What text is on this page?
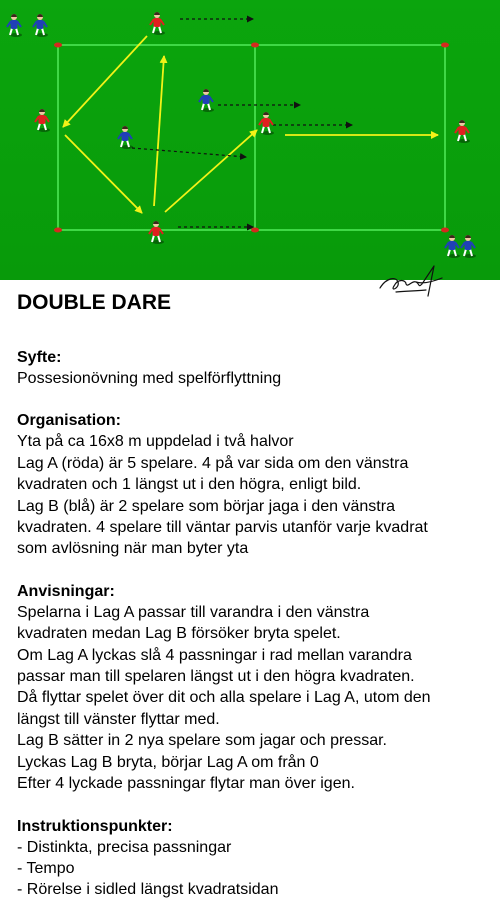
DOUBLE DARE
Syfte:
Possesionövning med spelförflyttning
Organisation:
Yta på ca 16x8 m uppdelad i två halvor
Lag A (röda) är 5 spelare. 4 på var sida om den vänstra
kvadraten och 1 längst ut i den högra, enligt bild.
Lag B (blå) är 2 spelare som börjar jaga i den vänstra
kvadraten. 4 spelare till väntar parvis utanför varje kvadrat
som avlösning när man byter yta
Anvisningar:
Spelarna i Lag A passar till varandra i den vänstra
kvadraten medan Lag B försöker bryta spelet.
Om Lag A lyckas slå 4 passningar i rad mellan varandra
passar man till spelaren längst ut i den högra kvadraten.
Då flyttar spelet över dit och alla spelare i Lag A, utom den
längst till vänster flyttar med.
Lag B sätter in 2 nya spelare som jagar och pressar.
Lyckas Lag B bryta, börjar Lag A om från 0
Efter 4 lyckade passningar flytar man över igen.
Instruktionspunkter:
- Distinkta, precisa passningar
- Tempo
- Rörelse i sidled längst kvadratsidan
